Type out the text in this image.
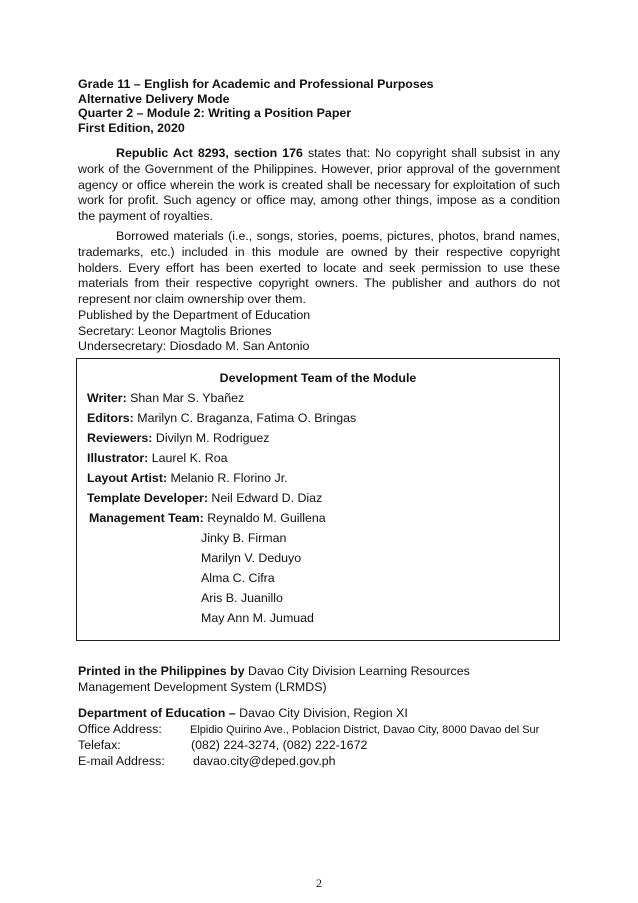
Grade 11 – English for Academic and Professional Purposes
Alternative Delivery Mode
Quarter 2 – Module 2: Writing a Position Paper
First Edition, 2020
Republic Act 8293, section 176 states that: No copyright shall subsist in any work of the Government of the Philippines. However, prior approval of the government agency or office wherein the work is created shall be necessary for exploitation of such work for profit. Such agency or office may, among other things, impose as a condition the payment of royalties.
Borrowed materials (i.e., songs, stories, poems, pictures, photos, brand names, trademarks, etc.) included in this module are owned by their respective copyright holders. Every effort has been exerted to locate and seek permission to use these materials from their respective copyright owners. The publisher and authors do not represent nor claim ownership over them.
Published by the Department of Education
Secretary: Leonor Magtolis Briones
Undersecretary: Diosdado M. San Antonio
Development Team of the Module
Writer: Shan Mar S. Ybañez
Editors: Marilyn C. Braganza, Fatima O. Bringas
Reviewers: Divilyn M. Rodriguez
Illustrator: Laurel K. Roa
Layout Artist: Melanio R. Florino Jr.
Template Developer: Neil Edward D. Diaz
Management Team: Reynaldo M. Guillena
Jinky B. Firman
Marilyn V. Deduyo
Alma C. Cifra
Aris B. Juanillo
May Ann M. Jumuad
Printed in the Philippines by Davao City Division Learning Resources
Management Development System (LRMDS)
Department of Education – Davao City Division, Region XI
Office Address:	Elpidio Quirino Ave., Poblacion District, Davao City, 8000 Davao del Sur
Telefax:	(082) 224-3274, (082) 222-1672
E-mail Address: davao.city@deped.gov.ph
2
